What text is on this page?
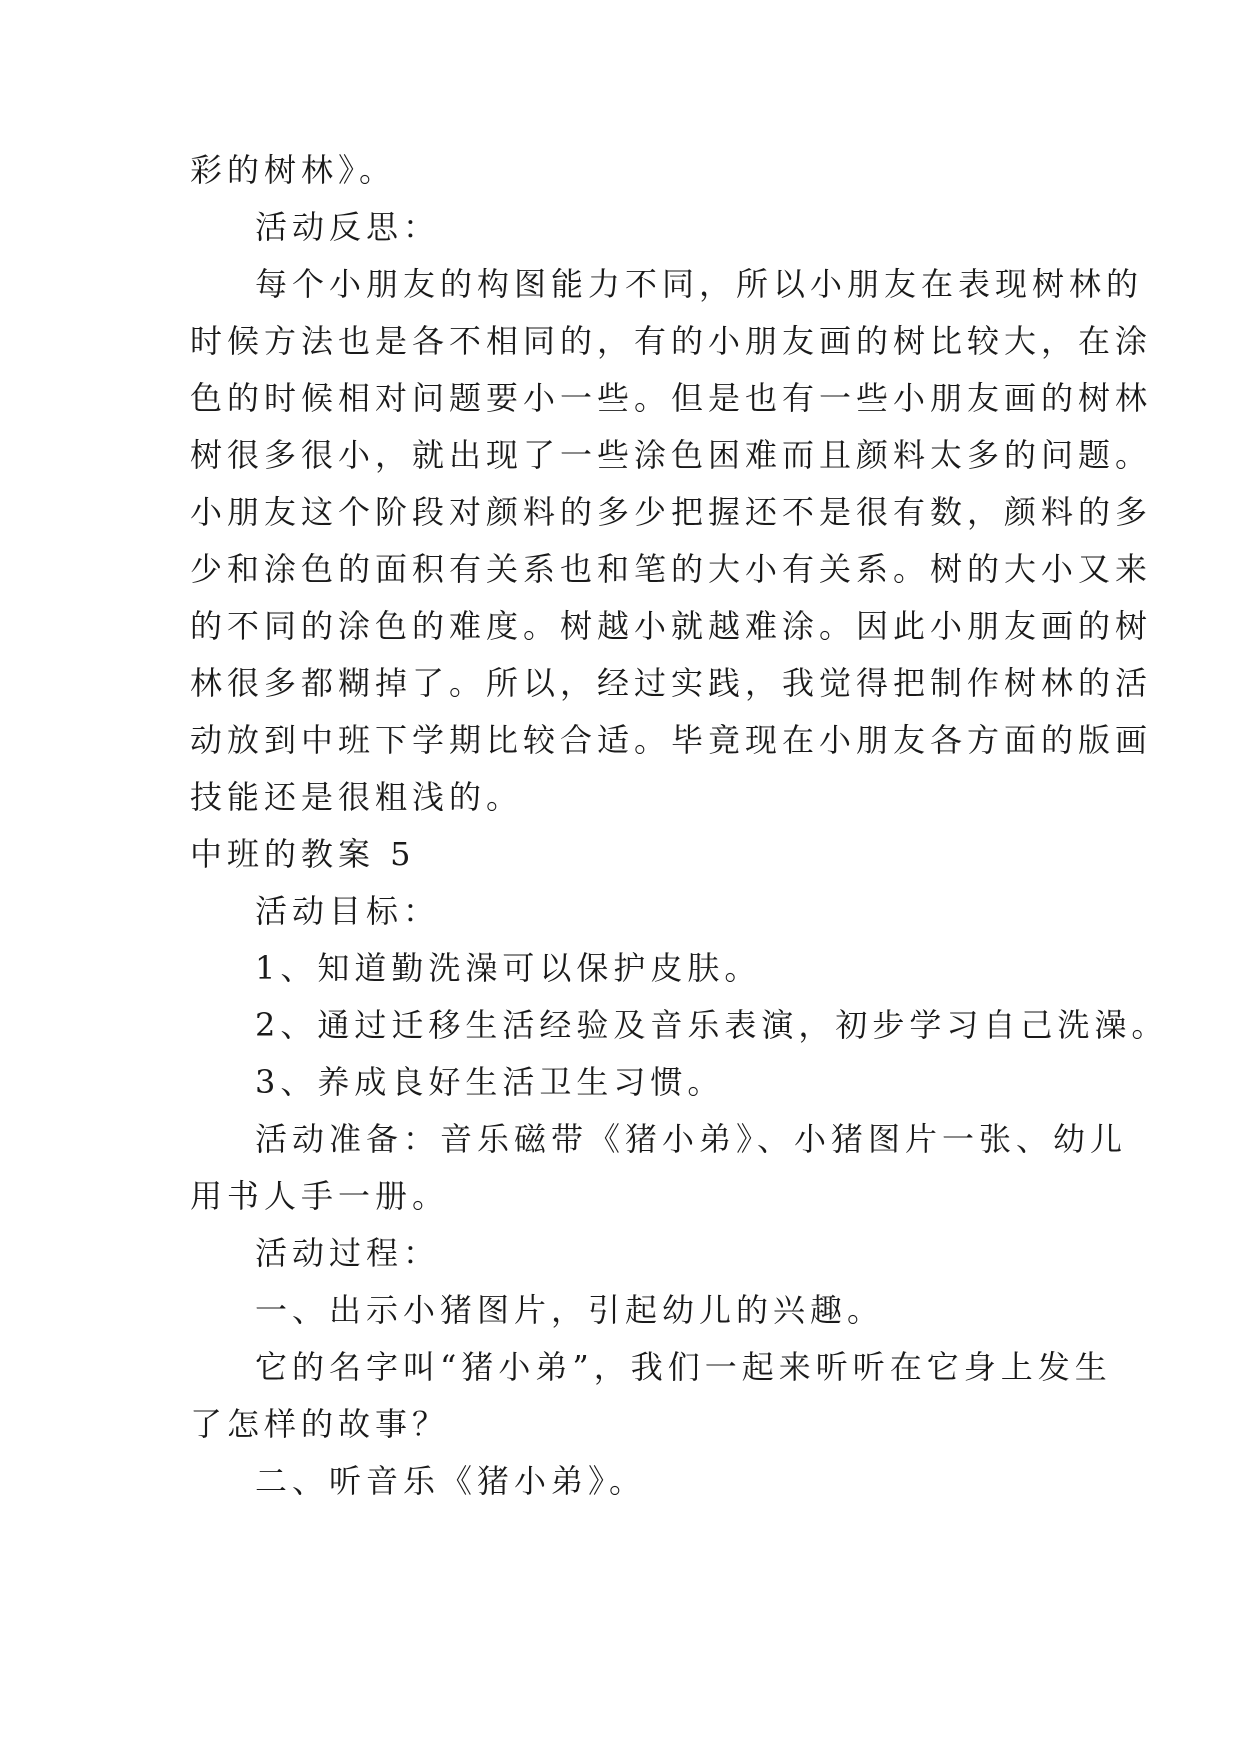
彩的树林》。
活动反思：
每个小朋友的构图能力不同，所以小朋友在表现树林的
时候方法也是各不相同的，有的小朋友画的树比较大，在涂
色的时候相对问题要小一些。但是也有一些小朋友画的树林
树很多很小，就出现了一些涂色困难而且颜料太多的问题。
小朋友这个阶段对颜料的多少把握还不是很有数，颜料的多
少和涂色的面积有关系也和笔的大小有关系。树的大小又来
的不同的涂色的难度。树越小就越难涂。因此小朋友画的树
林很多都糊掉了。所以，经过实践，我觉得把制作树林的活
动放到中班下学期比较合适。毕竟现在小朋友各方面的版画
技能还是很粗浅的。
中班的教案 5
活动目标：
1、知道勤洗澡可以保护皮肤。
2、通过迁移生活经验及音乐表演，初步学习自己洗澡。
3、养成良好生活卫生习惯。
活动准备：音乐磁带《猪小弟》、小猪图片一张、幼儿
用书人手一册。
活动过程：
一、出示小猪图片，引起幼儿的兴趣。
它的名字叫“猪小弟”，我们一起来听听在它身上发生
了怎样的故事？
二、听音乐《猪小弟》。
